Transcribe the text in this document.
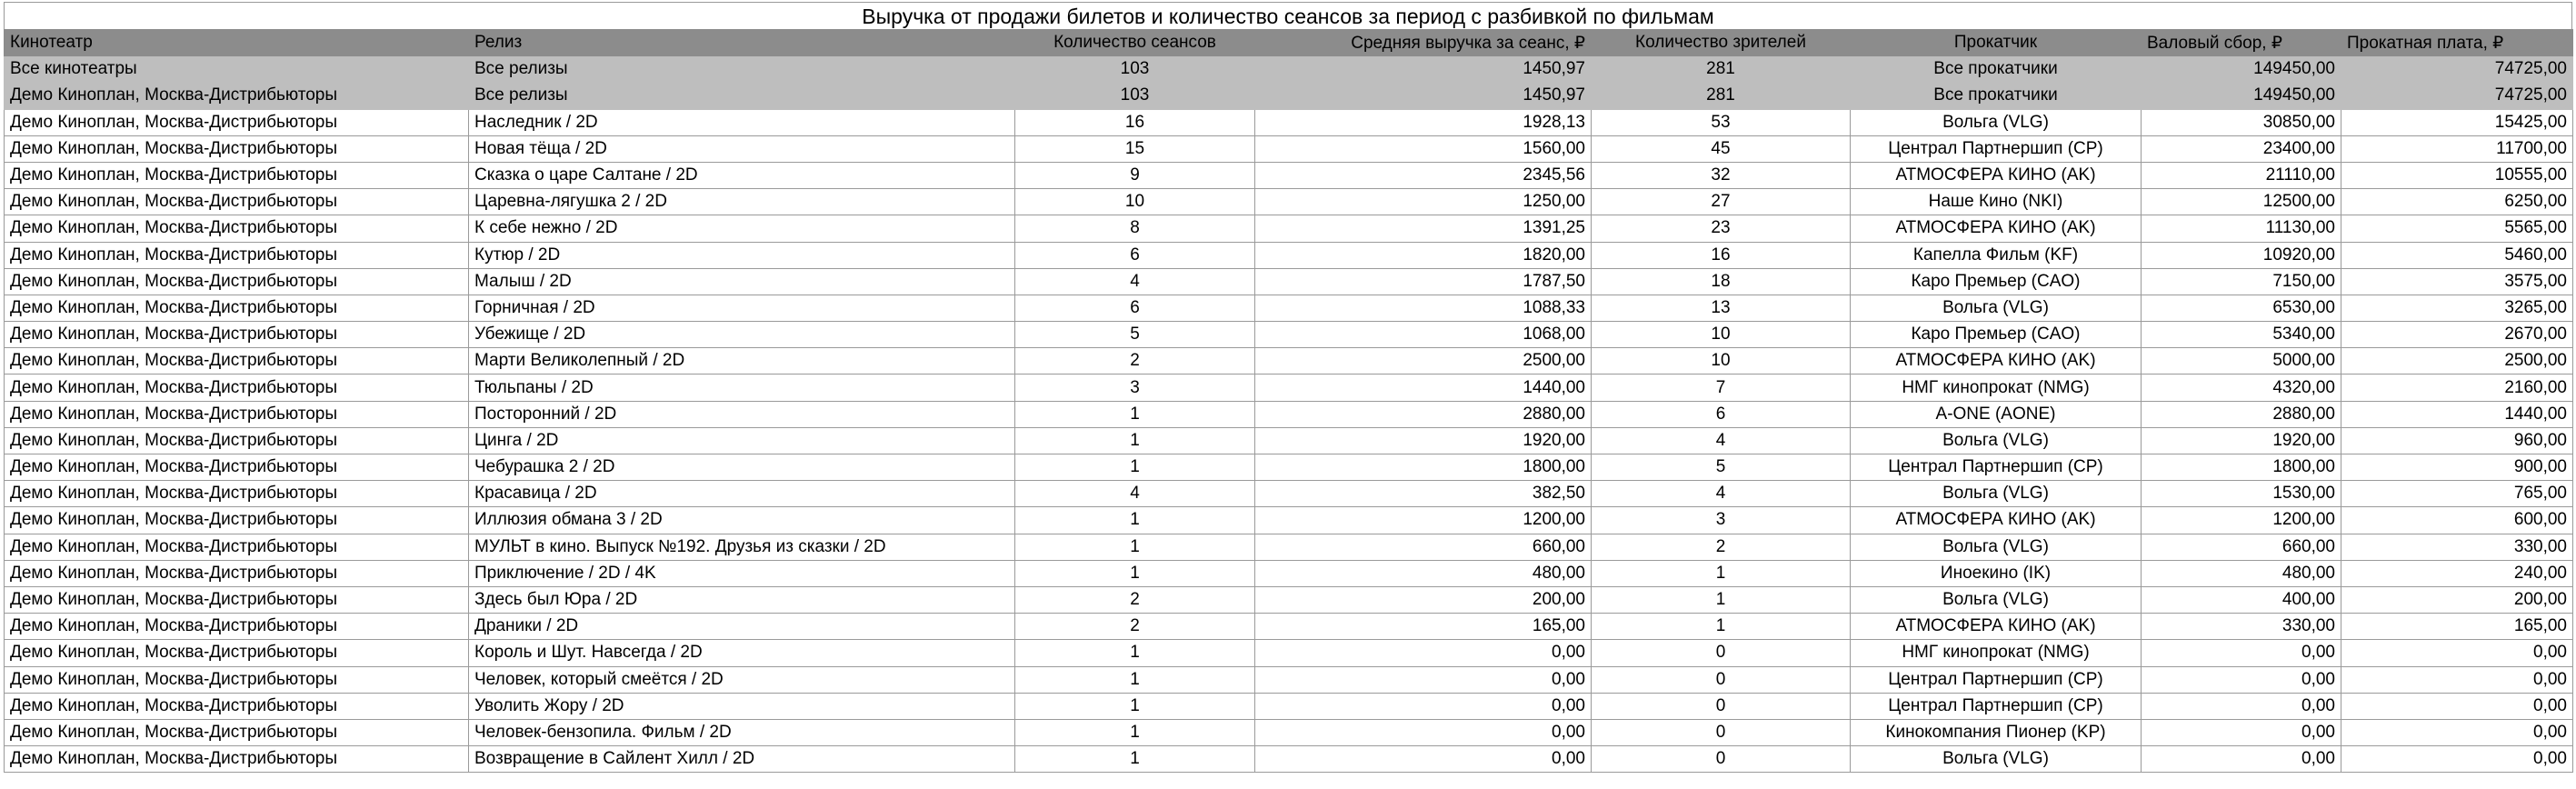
Выручка от продажи билетов и количество сеансов за период с разбивкой по фильмам
Кинотеатр	Релиз	Количество сеансов	Средняя выручка за сеанс, ₽	Количество зрителей	Прокатчик	Валовый сбор, ₽	Прокатная плата, ₽
Все кинотеатры	Все релизы	103	1450,97	281	Все прокатчики	149450,00	74725,00
Демо Киноплан, Москва-Дистрибьюторы	Все релизы	103	1450,97	281	Все прокатчики	149450,00	74725,00
Демо Киноплан, Москва-Дистрибьюторы	Наследник / 2D	16	1928,13	53	Вольга (VLG)	30850,00	15425,00
Демо Киноплан, Москва-Дистрибьюторы	Новая тёща / 2D	15	1560,00	45	Централ Партнершип (CP)	23400,00	11700,00
Демо Киноплан, Москва-Дистрибьюторы	Сказка о царе Салтане / 2D	9	2345,56	32	АТМОСФЕРА КИНО (AK)	21110,00	10555,00
Демо Киноплан, Москва-Дистрибьюторы	Царевна-лягушка 2 / 2D	10	1250,00	27	Наше Кино (NKI)	12500,00	6250,00
Демо Киноплан, Москва-Дистрибьюторы	К себе нежно / 2D	8	1391,25	23	АТМОСФЕРА КИНО (AK)	11130,00	5565,00
Демо Киноплан, Москва-Дистрибьюторы	Кутюр / 2D	6	1820,00	16	Капелла Фильм (KF)	10920,00	5460,00
Демо Киноплан, Москва-Дистрибьюторы	Малыш / 2D	4	1787,50	18	Каро Премьер (CAO)	7150,00	3575,00
Демо Киноплан, Москва-Дистрибьюторы	Горничная / 2D	6	1088,33	13	Вольга (VLG)	6530,00	3265,00
Демо Киноплан, Москва-Дистрибьюторы	Убежище / 2D	5	1068,00	10	Каро Премьер (CAO)	5340,00	2670,00
Демо Киноплан, Москва-Дистрибьюторы	Марти Великолепный / 2D	2	2500,00	10	АТМОСФЕРА КИНО (AK)	5000,00	2500,00
Демо Киноплан, Москва-Дистрибьюторы	Тюльпаны / 2D	3	1440,00	7	НМГ кинопрокат (NMG)	4320,00	2160,00
Демо Киноплан, Москва-Дистрибьюторы	Посторонний / 2D	1	2880,00	6	A-ONE (AONE)	2880,00	1440,00
Демо Киноплан, Москва-Дистрибьюторы	Цинга / 2D	1	1920,00	4	Вольга (VLG)	1920,00	960,00
Демо Киноплан, Москва-Дистрибьюторы	Чебурашка 2 / 2D	1	1800,00	5	Централ Партнершип (CP)	1800,00	900,00
Демо Киноплан, Москва-Дистрибьюторы	Красавица / 2D	4	382,50	4	Вольга (VLG)	1530,00	765,00
Демо Киноплан, Москва-Дистрибьюторы	Иллюзия обмана 3 / 2D	1	1200,00	3	АТМОСФЕРА КИНО (AK)	1200,00	600,00
Демо Киноплан, Москва-Дистрибьюторы	МУЛЬТ в кино. Выпуск №192. Друзья из сказки / 2D	1	660,00	2	Вольга (VLG)	660,00	330,00
Демо Киноплан, Москва-Дистрибьюторы	Приключение / 2D / 4K	1	480,00	1	Иноекино (IK)	480,00	240,00
Демо Киноплан, Москва-Дистрибьюторы	Здесь был Юра / 2D	2	200,00	1	Вольга (VLG)	400,00	200,00
Демо Киноплан, Москва-Дистрибьюторы	Драники / 2D	2	165,00	1	АТМОСФЕРА КИНО (AK)	330,00	165,00
Демо Киноплан, Москва-Дистрибьюторы	Король и Шут. Навсегда / 2D	1	0,00	0	НМГ кинопрокат (NMG)	0,00	0,00
Демо Киноплан, Москва-Дистрибьюторы	Человек, который смеётся / 2D	1	0,00	0	Централ Партнершип (CP)	0,00	0,00
Демо Киноплан, Москва-Дистрибьюторы	Уволить Жору / 2D	1	0,00	0	Централ Партнершип (CP)	0,00	0,00
Демо Киноплан, Москва-Дистрибьюторы	Человек-бензопила. Фильм / 2D	1	0,00	0	Кинокомпания Пионер (KP)	0,00	0,00
Демо Киноплан, Москва-Дистрибьюторы	Возвращение в Сайлент Хилл / 2D	1	0,00	0	Вольга (VLG)	0,00	0,00
